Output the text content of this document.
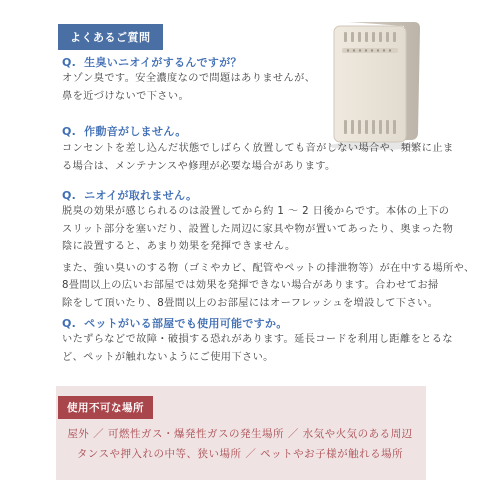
よくあるご質問
Q. 生臭いニオイがするんですが？

オゾン臭です。安全濃度なので問題はありませんが、

鼻を近づけないで下さい。

Q. 作動音がしません。

コンセントを差し込んだ状態でしばらく放置しても音がしない場合や、頻繁に止ま

る場合は、メンテナンスや修理が必要な場合があります。

Q. ニオイが取れません。

脱臭の効果が感じられるのは設置してから約 1 ～ 2 日後からです。本体の上下の

スリット部分を塞いだり、設置した周辺に家具や物が置いてあったり、奥まった物

陰に設置すると、あまり効果を発揮できません。

また、強い臭いのする物（ゴミやカビ、配管やペットの排泄物等）が在中する場所や、

8畳間以上の広いお部屋では効果を発揮できない場合があります。合わせてお掃

除をして頂いたり、8畳間以上のお部屋にはオーフレッシュを増設して下さい。

Q. ペットがいる部屋でも使用可能ですか。

いたずらなどで故障・破損する恐れがあります。延長コードを利用し距離をとるな

ど、ペットが触れないようにご使用下さい。

使用不可な場所
屋外 ／ 可燃性ガス・爆発性ガスの発生場所 ／ 水気や火気のある周辺
タンスや押入れの中等、狭い場所 ／ ペットやお子様が触れる場所
